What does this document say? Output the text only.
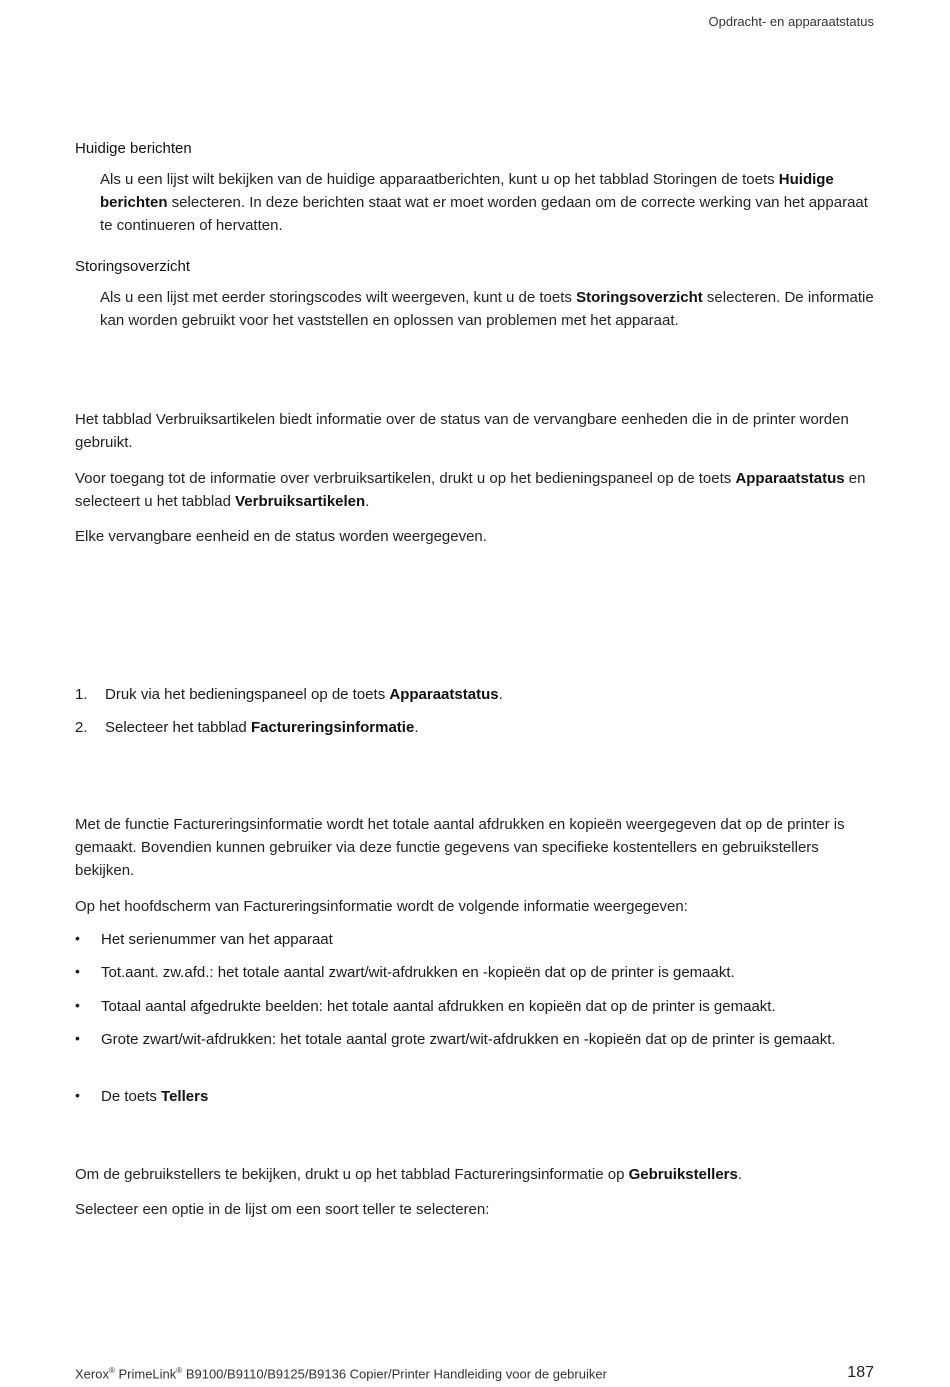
Opdracht- en apparaatstatus
Huidige berichten

Als u een lijst wilt bekijken van de huidige apparaatberichten, kunt u op het tabblad Storingen de toets Huidige berichten selecteren. In deze berichten staat wat er moet worden gedaan om de correcte werking van het apparaat te continueren of hervatten.

Storingsoverzicht

Als u een lijst met eerder storingscodes wilt weergeven, kunt u de toets Storingsoverzicht selecteren. De informatie kan worden gebruikt voor het vaststellen en oplossen van problemen met het apparaat.

Het tabblad Verbruiksartikelen biedt informatie over de status van de vervangbare eenheden die in de printer worden gebruikt.

Voor toegang tot de informatie over verbruiksartikelen, drukt u op het bedieningspaneel op de toets Apparaatstatus en selecteert u het tabblad Verbruiksartikelen.

Elke vervangbare eenheid en de status worden weergegeven.

1. Druk via het bedieningspaneel op de toets Apparaatstatus.
2. Selecteer het tabblad Factureringsinformatie.

Met de functie Factureringsinformatie wordt het totale aantal afdrukken en kopieën weergegeven dat op de printer is gemaakt. Bovendien kunnen gebruiker via deze functie gegevens van specifieke kostentellers en gebruikstellers bekijken.

Op het hoofdscherm van Factureringsinformatie wordt de volgende informatie weergegeven:

• Het serienummer van het apparaat
• Tot.aant. zw.afd.: het totale aantal zwart/wit-afdrukken en -kopieën dat op de printer is gemaakt.
• Totaal aantal afgedrukte beelden: het totale aantal afdrukken en kopieën dat op de printer is gemaakt.
• Grote zwart/wit-afdrukken: het totale aantal grote zwart/wit-afdrukken en -kopieën dat op de printer is gemaakt.
• De toets Tellers

Om de gebruikstellers te bekijken, drukt u op het tabblad Factureringsinformatie op Gebruikstellers.

Selecteer een optie in de lijst om een soort teller te selecteren:

Xerox® PrimeLink® B9100/B9110/B9125/B9136 Copier/Printer Handleiding voor de gebruiker	187
